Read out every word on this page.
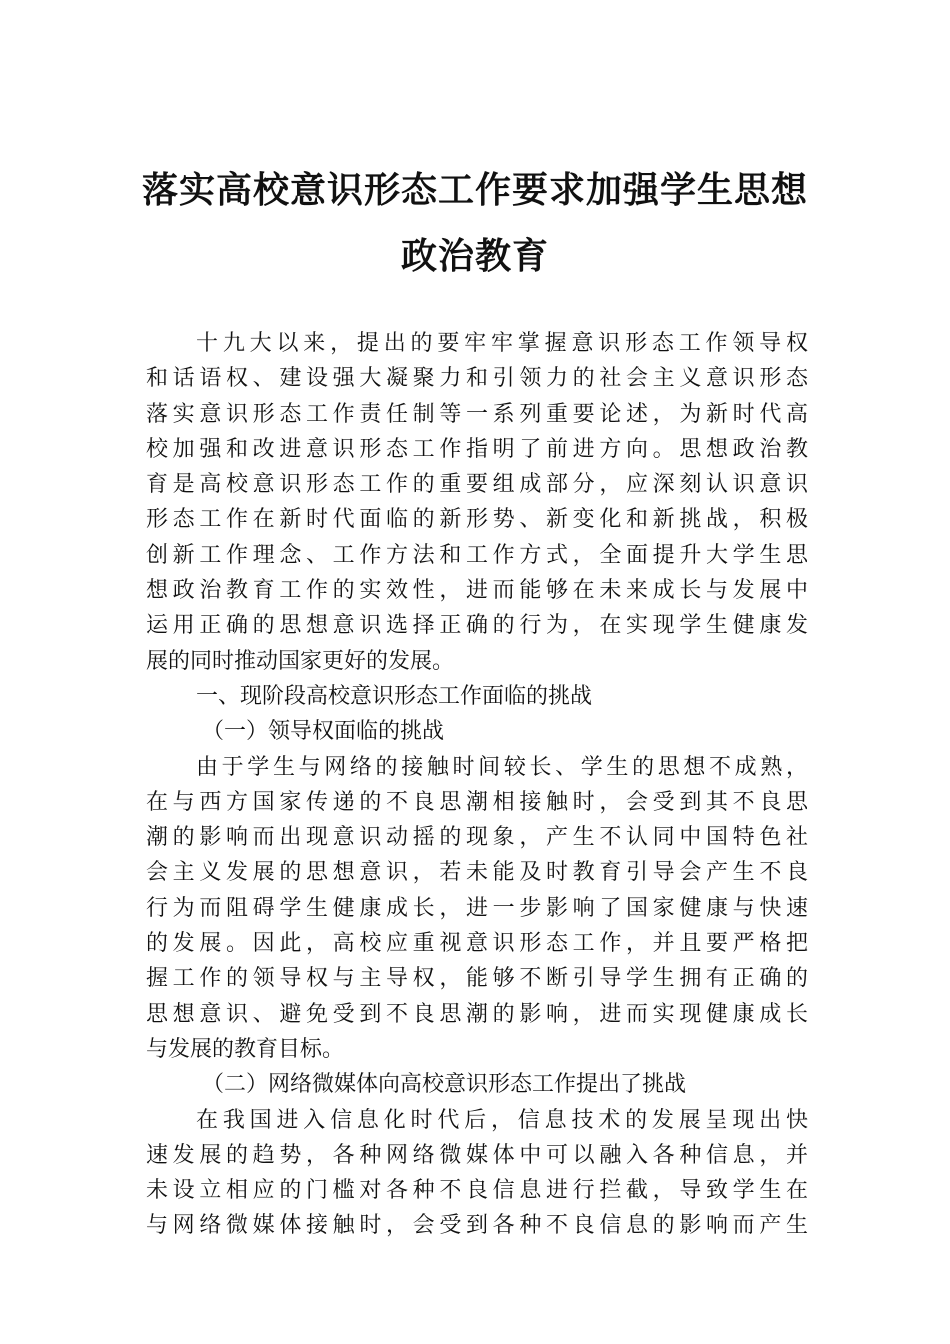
落实高校意识形态工作要求加强学生思想
政治教育
十九大以来，提出的要牢牢掌握意识形态工作领导权
和话语权、建设强大凝聚力和引领力的社会主义意识形态
落实意识形态工作责任制等一系列重要论述，为新时代高
校加强和改进意识形态工作指明了前进方向。思想政治教
育是高校意识形态工作的重要组成部分，应深刻认识意识
形态工作在新时代面临的新形势、新变化和新挑战，积极
创新工作理念、工作方法和工作方式，全面提升大学生思
想政治教育工作的实效性，进而能够在未来成长与发展中
运用正确的思想意识选择正确的行为，在实现学生健康发
展的同时推动国家更好的发展。
一、现阶段高校意识形态工作面临的挑战
（一）领导权面临的挑战
由于学生与网络的接触时间较长、学生的思想不成熟，
在与西方国家传递的不良思潮相接触时，会受到其不良思
潮的影响而出现意识动摇的现象，产生不认同中国特色社
会主义发展的思想意识，若未能及时教育引导会产生不良
行为而阻碍学生健康成长，进一步影响了国家健康与快速
的发展。因此，高校应重视意识形态工作，并且要严格把
握工作的领导权与主导权，能够不断引导学生拥有正确的
思想意识、避免受到不良思潮的影响，进而实现健康成长
与发展的教育目标。
（二）网络微媒体向高校意识形态工作提出了挑战
在我国进入信息化时代后，信息技术的发展呈现出快
速发展的趋势，各种网络微媒体中可以融入各种信息，并
未设立相应的门槛对各种不良信息进行拦截，导致学生在
与网络微媒体接触时，会受到各种不良信息的影响而产生
